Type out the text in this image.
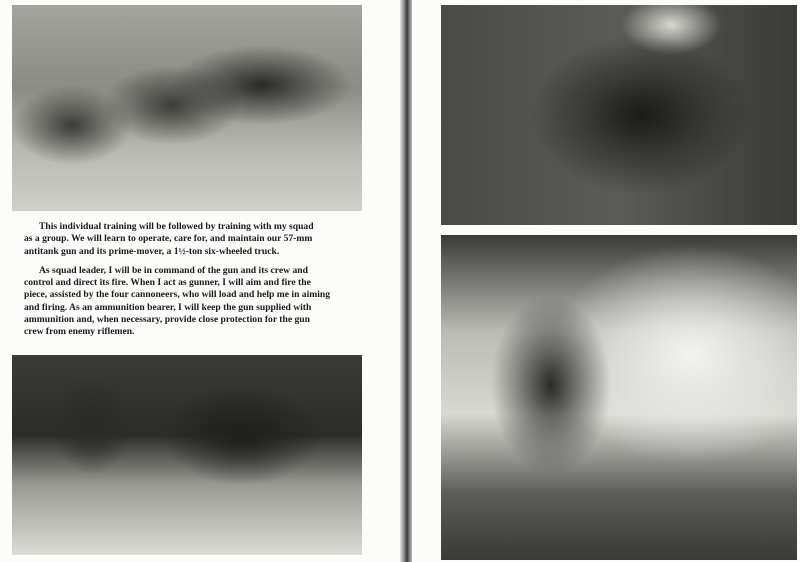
This individual training will be followed by training with my squad
as a group. We will learn to operate, care for, and maintain our 57-mm
antitank gun and its prime-mover, a 1½-ton six-wheeled truck.

As squad leader, I will be in command of the gun and its crew and
control and direct its fire. When I act as gunner, I will aim and fire the
piece, assisted by the four cannoneers, who will load and help me in aiming
and firing. As an ammunition bearer, I will keep the gun supplied with
ammunition and, when necessary, provide close protection for the gun
crew from enemy riflemen.
